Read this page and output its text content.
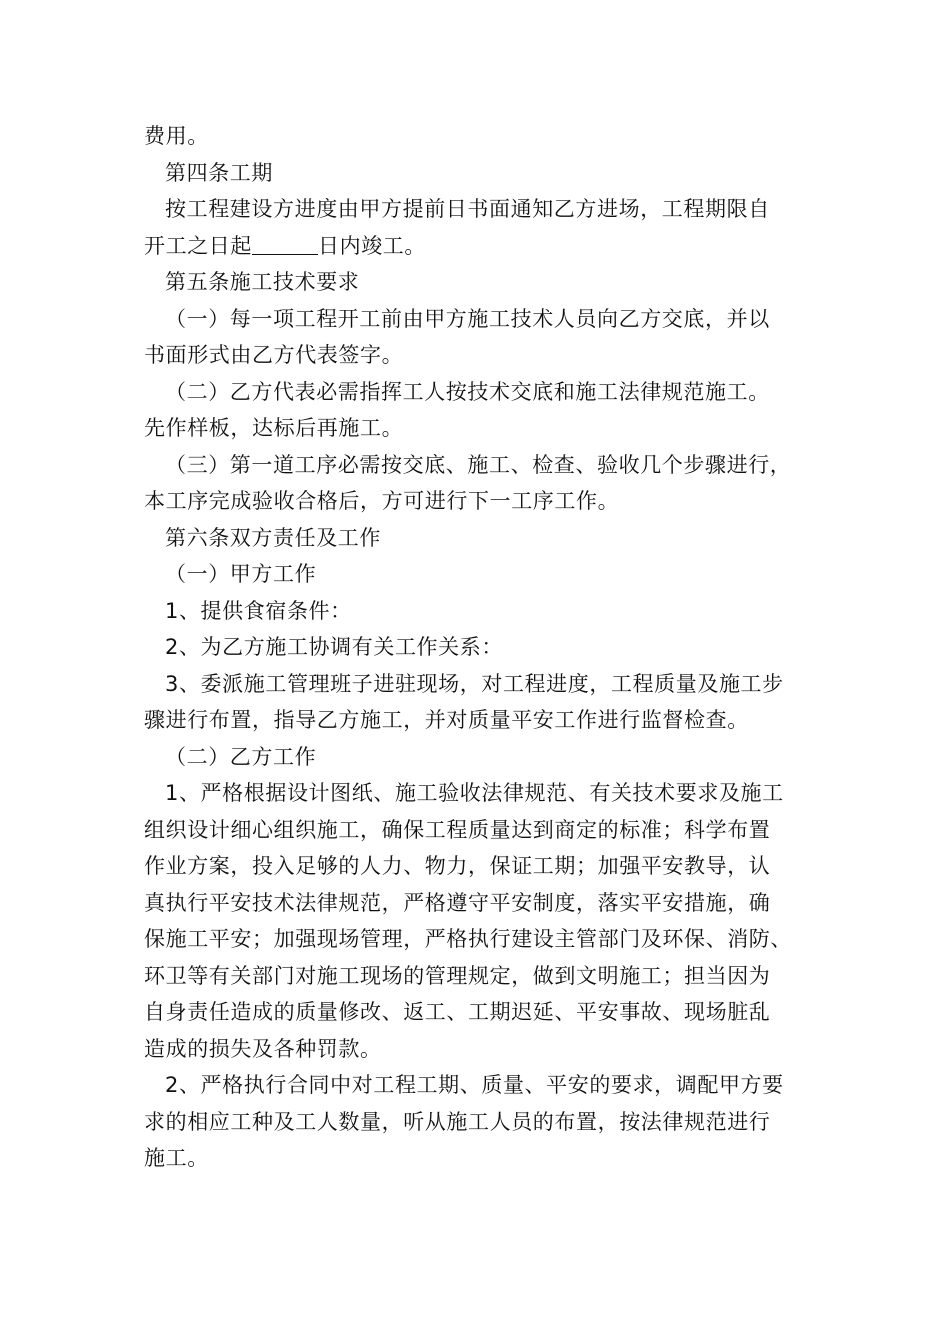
费用。
第四条工期
按工程建设方进度由甲方提前日书面通知乙方进场，工程期限自
开工之日起	日内竣工。
第五条施工技术要求
（一）每一项工程开工前由甲方施工技术人员向乙方交底，并以
书面形式由乙方代表签字。
（二）乙方代表必需指挥工人按技术交底和施工法律规范施工。
先作样板，达标后再施工。
（三）第一道工序必需按交底、施工、检查、验收几个步骤进行，
本工序完成验收合格后，方可进行下一工序工作。
第六条双方责任及工作
（一）甲方工作
1、提供食宿条件：
2、为乙方施工协调有关工作关系：
3、委派施工管理班子进驻现场，对工程进度，工程质量及施工步
骤进行布置，指导乙方施工，并对质量平安工作进行监督检查。
（二）乙方工作
1、严格根据设计图纸、施工验收法律规范、有关技术要求及施工
组织设计细心组织施工，确保工程质量达到商定的标准；科学布置
作业方案，投入足够的人力、物力，保证工期；加强平安教导，认
真执行平安技术法律规范，严格遵守平安制度，落实平安措施，确
保施工平安；加强现场管理，严格执行建设主管部门及环保、消防、
环卫等有关部门对施工现场的管理规定，做到文明施工；担当因为
自身责任造成的质量修改、返工、工期迟延、平安事故、现场脏乱
造成的损失及各种罚款。
2、严格执行合同中对工程工期、质量、平安的要求，调配甲方要
求的相应工种及工人数量，听从施工人员的布置，按法律规范进行
施工。
